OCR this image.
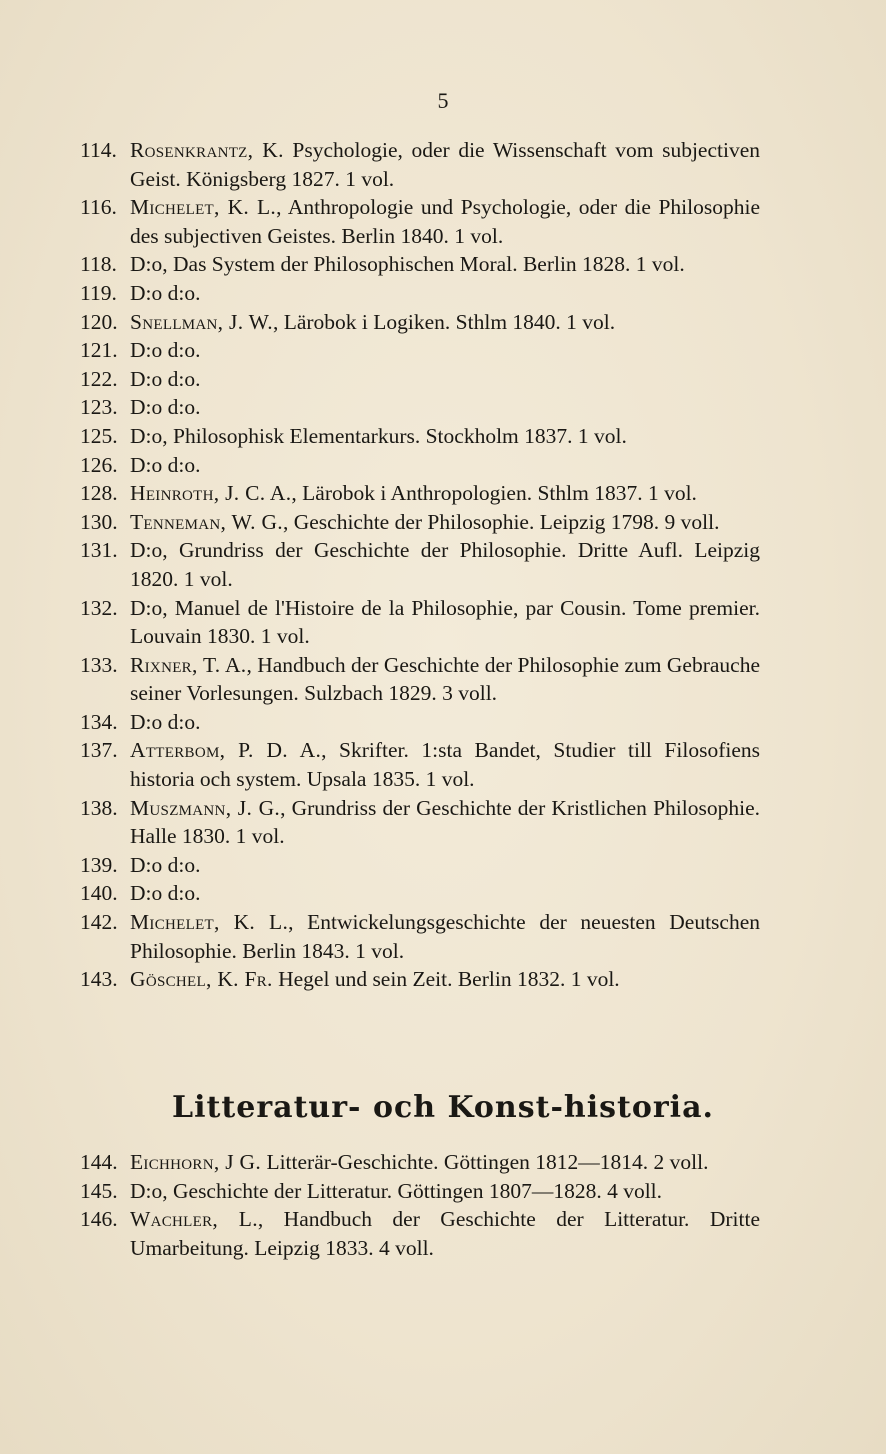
5
114. Rosenkrantz, K. Psychologie, oder die Wissenschaft vom subjectiven Geist. Königsberg 1827. 1 vol.
116. Michelet, K. L., Anthropologie und Psychologie, oder die Philosophie des subjectiven Geistes. Berlin 1840. 1 vol.
118. D:o, Das System der Philosophischen Moral. Berlin 1828. 1 vol.
119. D:o d:o.
120. Snellman, J. W., Lärobok i Logiken. Sthlm 1840. 1 vol.
121. D:o d:o.
122. D:o d:o.
123. D:o d:o.
125. D:o, Philosophisk Elementarkurs. Stockholm 1837. 1 vol.
126. D:o d:o.
128. Heinroth, J. C. A., Lärobok i Anthropologien. Sthlm 1837. 1 vol.
130. Tenneman, W. G., Geschichte der Philosophie. Leipzig 1798. 9 voll.
131. D:o, Grundriss der Geschichte der Philosophie. Dritte Aufl. Leipzig 1820. 1 vol.
132. D:o, Manuel de l'Histoire de la Philosophie, par Cousin. Tome premier. Louvain 1830. 1 vol.
133. Rixner, T. A., Handbuch der Geschichte der Philosophie zum Gebrauche seiner Vorlesungen. Sulzbach 1829. 3 voll.
134. D:o d:o.
137. Atterbom, P. D. A., Skrifter. 1:sta Bandet, Studier till Filosofiens historia och system. Upsala 1835. 1 vol.
138. Muszmann, J. G., Grundriss der Geschichte der Kristlichen Philosophie. Halle 1830. 1 vol.
139. D:o d:o.
140. D:o d:o.
142. Michelet, K. L., Entwickelungsgeschichte der neuesten Deutschen Philosophie. Berlin 1843. 1 vol.
143. Göschel, K. Fr. Hegel und sein Zeit. Berlin 1832. 1 vol.
Litteratur- och Konst-historia.
144. Eichhorn, J G. Litterär-Geschichte. Göttingen 1812—1814. 2 voll.
145. D:o, Geschichte der Litteratur. Göttingen 1807—1828. 4 voll.
146. Wachler, L., Handbuch der Geschichte der Litteratur. Dritte Umarbeitung. Leipzig 1833. 4 voll.
